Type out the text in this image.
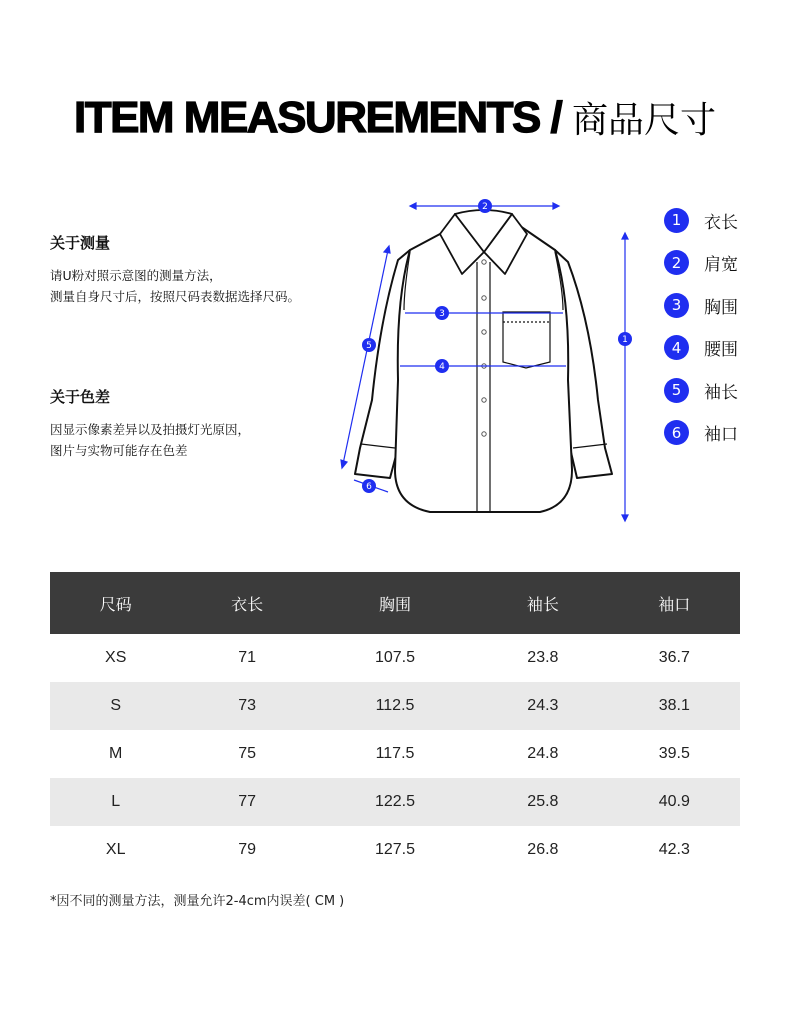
ITEM MEASUREMENTS / 商品尺寸
关于测量
请U粉对照示意图的测量方法，
测量自身尺寸后，按照尺码表数据选择尺码。
关于色差
因显示像素差异以及拍摄灯光原因，
图片与实物可能存在色差
2
3
4
1
5
6
1	衣长
2	肩宽
3	胸围
4	腰围
5	袖长
6	袖口
尺码	衣长	胸围	袖长	袖口
XS	71	107.5	23.8	36.7
S	73	112.5	24.3	38.1
M	75	117.5	24.8	39.5
L	77	122.5	25.8	40.9
XL	79	127.5	26.8	42.3
*因不同的测量方法，测量允许2-4cm内误差( CM )
